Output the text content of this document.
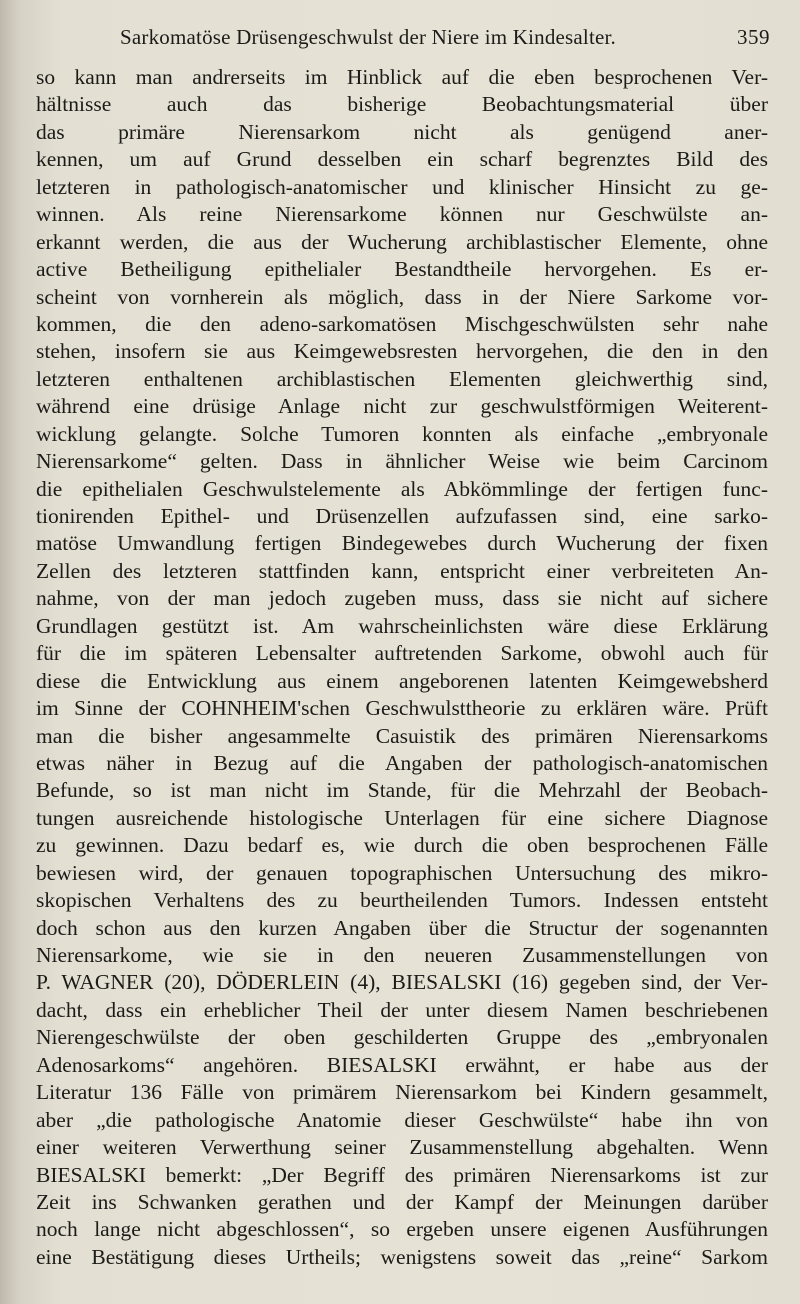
Sarkomatöse Drüsengeschwulst der Niere im Kindesalter.	359
so kann man andrerseits im Hinblick auf die eben besprochenen Ver-
hältnisse auch das bisherige Beobachtungsmaterial über
das primäre Nierensarkom nicht als genügend aner-
kennen, um auf Grund desselben ein scharf begrenztes Bild des
letzteren in pathologisch-anatomischer und klinischer Hinsicht zu ge-
winnen. Als reine Nierensarkome können nur Geschwülste an-
erkannt werden, die aus der Wucherung archiblastischer Elemente, ohne
active Betheiligung epithelialer Bestandtheile hervorgehen. Es er-
scheint von vornherein als möglich, dass in der Niere Sarkome vor-
kommen, die den adeno-sarkomatösen Mischgeschwülsten sehr nahe
stehen, insofern sie aus Keimgewebsresten hervorgehen, die den in den
letzteren enthaltenen archiblastischen Elementen gleichwerthig sind,
während eine drüsige Anlage nicht zur geschwulstförmigen Weiterent-
wicklung gelangte. Solche Tumoren konnten als einfache „embryonale
Nierensarkome“ gelten. Dass in ähnlicher Weise wie beim Carcinom
die epithelialen Geschwulstelemente als Abkömmlinge der fertigen func-
tionirenden Epithel- und Drüsenzellen aufzufassen sind, eine sarko-
matöse Umwandlung fertigen Bindegewebes durch Wucherung der fixen
Zellen des letzteren stattfinden kann, entspricht einer verbreiteten An-
nahme, von der man jedoch zugeben muss, dass sie nicht auf sichere
Grundlagen gestützt ist. Am wahrscheinlichsten wäre diese Erklärung
für die im späteren Lebensalter auftretenden Sarkome, obwohl auch für
diese die Entwicklung aus einem angeborenen latenten Keimgewebsherd
im Sinne der COHNHEIM'schen Geschwulsttheorie zu erklären wäre. Prüft
man die bisher angesammelte Casuistik des primären Nierensarkoms
etwas näher in Bezug auf die Angaben der pathologisch-anatomischen
Befunde, so ist man nicht im Stande, für die Mehrzahl der Beobach-
tungen ausreichende histologische Unterlagen für eine sichere Diagnose
zu gewinnen. Dazu bedarf es, wie durch die oben besprochenen Fälle
bewiesen wird, der genauen topographischen Untersuchung des mikro-
skopischen Verhaltens des zu beurtheilenden Tumors. Indessen entsteht
doch schon aus den kurzen Angaben über die Structur der sogenannten
Nierensarkome, wie sie in den neueren Zusammenstellungen von
P. WAGNER (20), DÖDERLEIN (4), BIESALSKI (16) gegeben sind, der Ver-
dacht, dass ein erheblicher Theil der unter diesem Namen beschriebenen
Nierengeschwülste der oben geschilderten Gruppe des „embryonalen
Adenosarkoms“ angehören. BIESALSKI erwähnt, er habe aus der
Literatur 136 Fälle von primärem Nierensarkom bei Kindern gesammelt,
aber „die pathologische Anatomie dieser Geschwülste“ habe ihn von
einer weiteren Verwerthung seiner Zusammenstellung abgehalten. Wenn
BIESALSKI bemerkt: „Der Begriff des primären Nierensarkoms ist zur
Zeit ins Schwanken gerathen und der Kampf der Meinungen darüber
noch lange nicht abgeschlossen“, so ergeben unsere eigenen Ausführungen
eine Bestätigung dieses Urtheils; wenigstens soweit das „reine“ Sarkom
